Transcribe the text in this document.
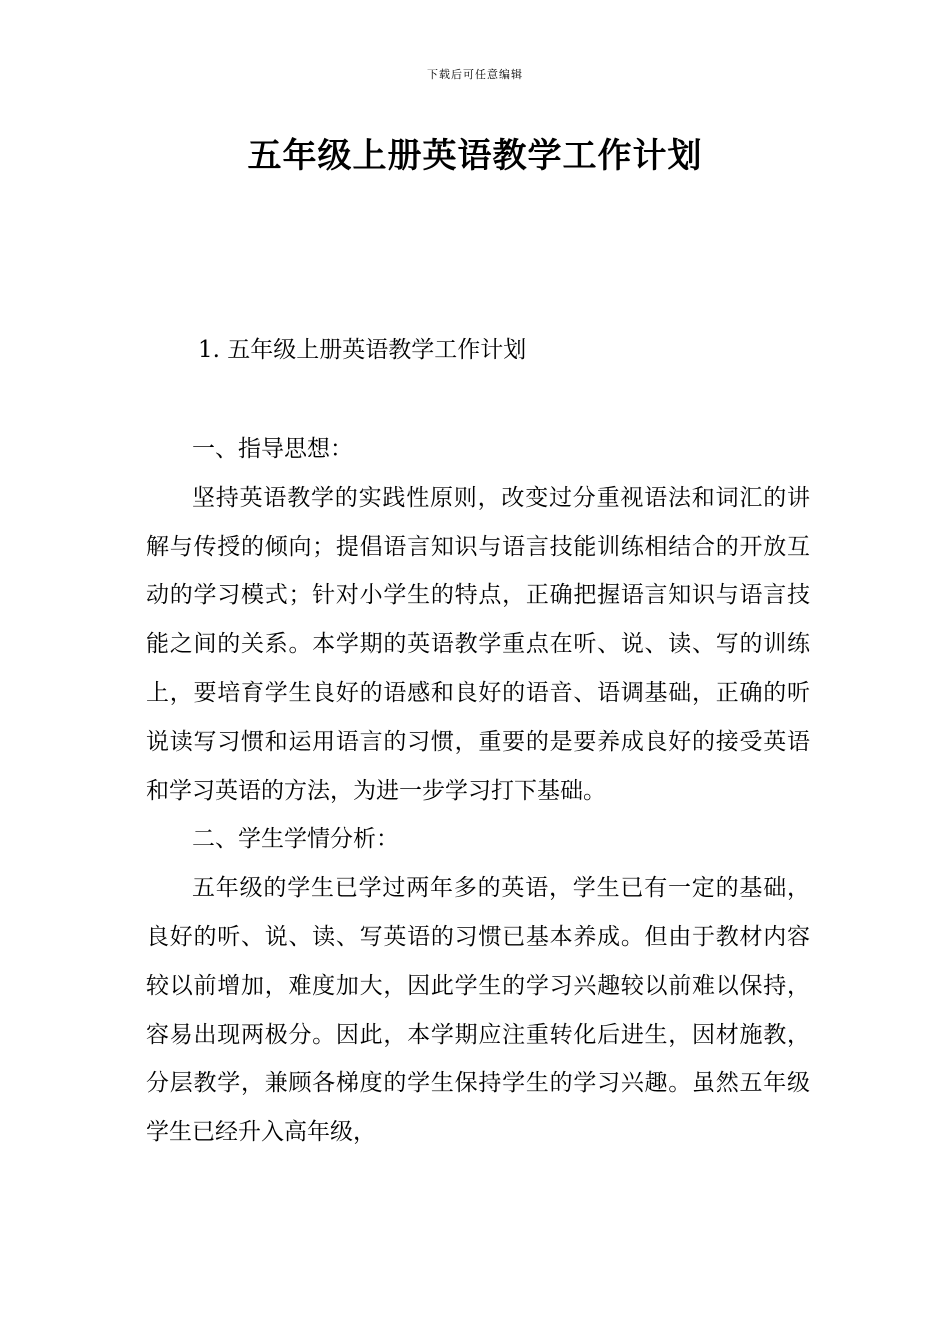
下载后可任意编辑
五年级上册英语教学工作计划
1. 五年级上册英语教学工作计划

一、指导思想：

坚持英语教学的实践性原则，改变过分重视语法和词汇的讲解与传授的倾向；提倡语言知识与语言技能训练相结合的开放互动的学习模式；针对小学生的特点，正确把握语言知识与语言技能之间的关系。本学期的英语教学重点在听、说、读、写的训练上，要培育学生良好的语感和良好的语音、语调基础，正确的听说读写习惯和运用语言的习惯，重要的是要养成良好的接受英语和学习英语的方法，为进一步学习打下基础。

二、学生学情分析：

五年级的学生已学过两年多的英语，学生已有一定的基础，良好的听、说、读、写英语的习惯已基本养成。但由于教材内容较以前增加，难度加大，因此学生的学习兴趣较以前难以保持，容易出现两极分。因此，本学期应注重转化后进生，因材施教，分层教学，兼顾各梯度的学生保持学生的学习兴趣。虽然五年级学生已经升入高年级，
